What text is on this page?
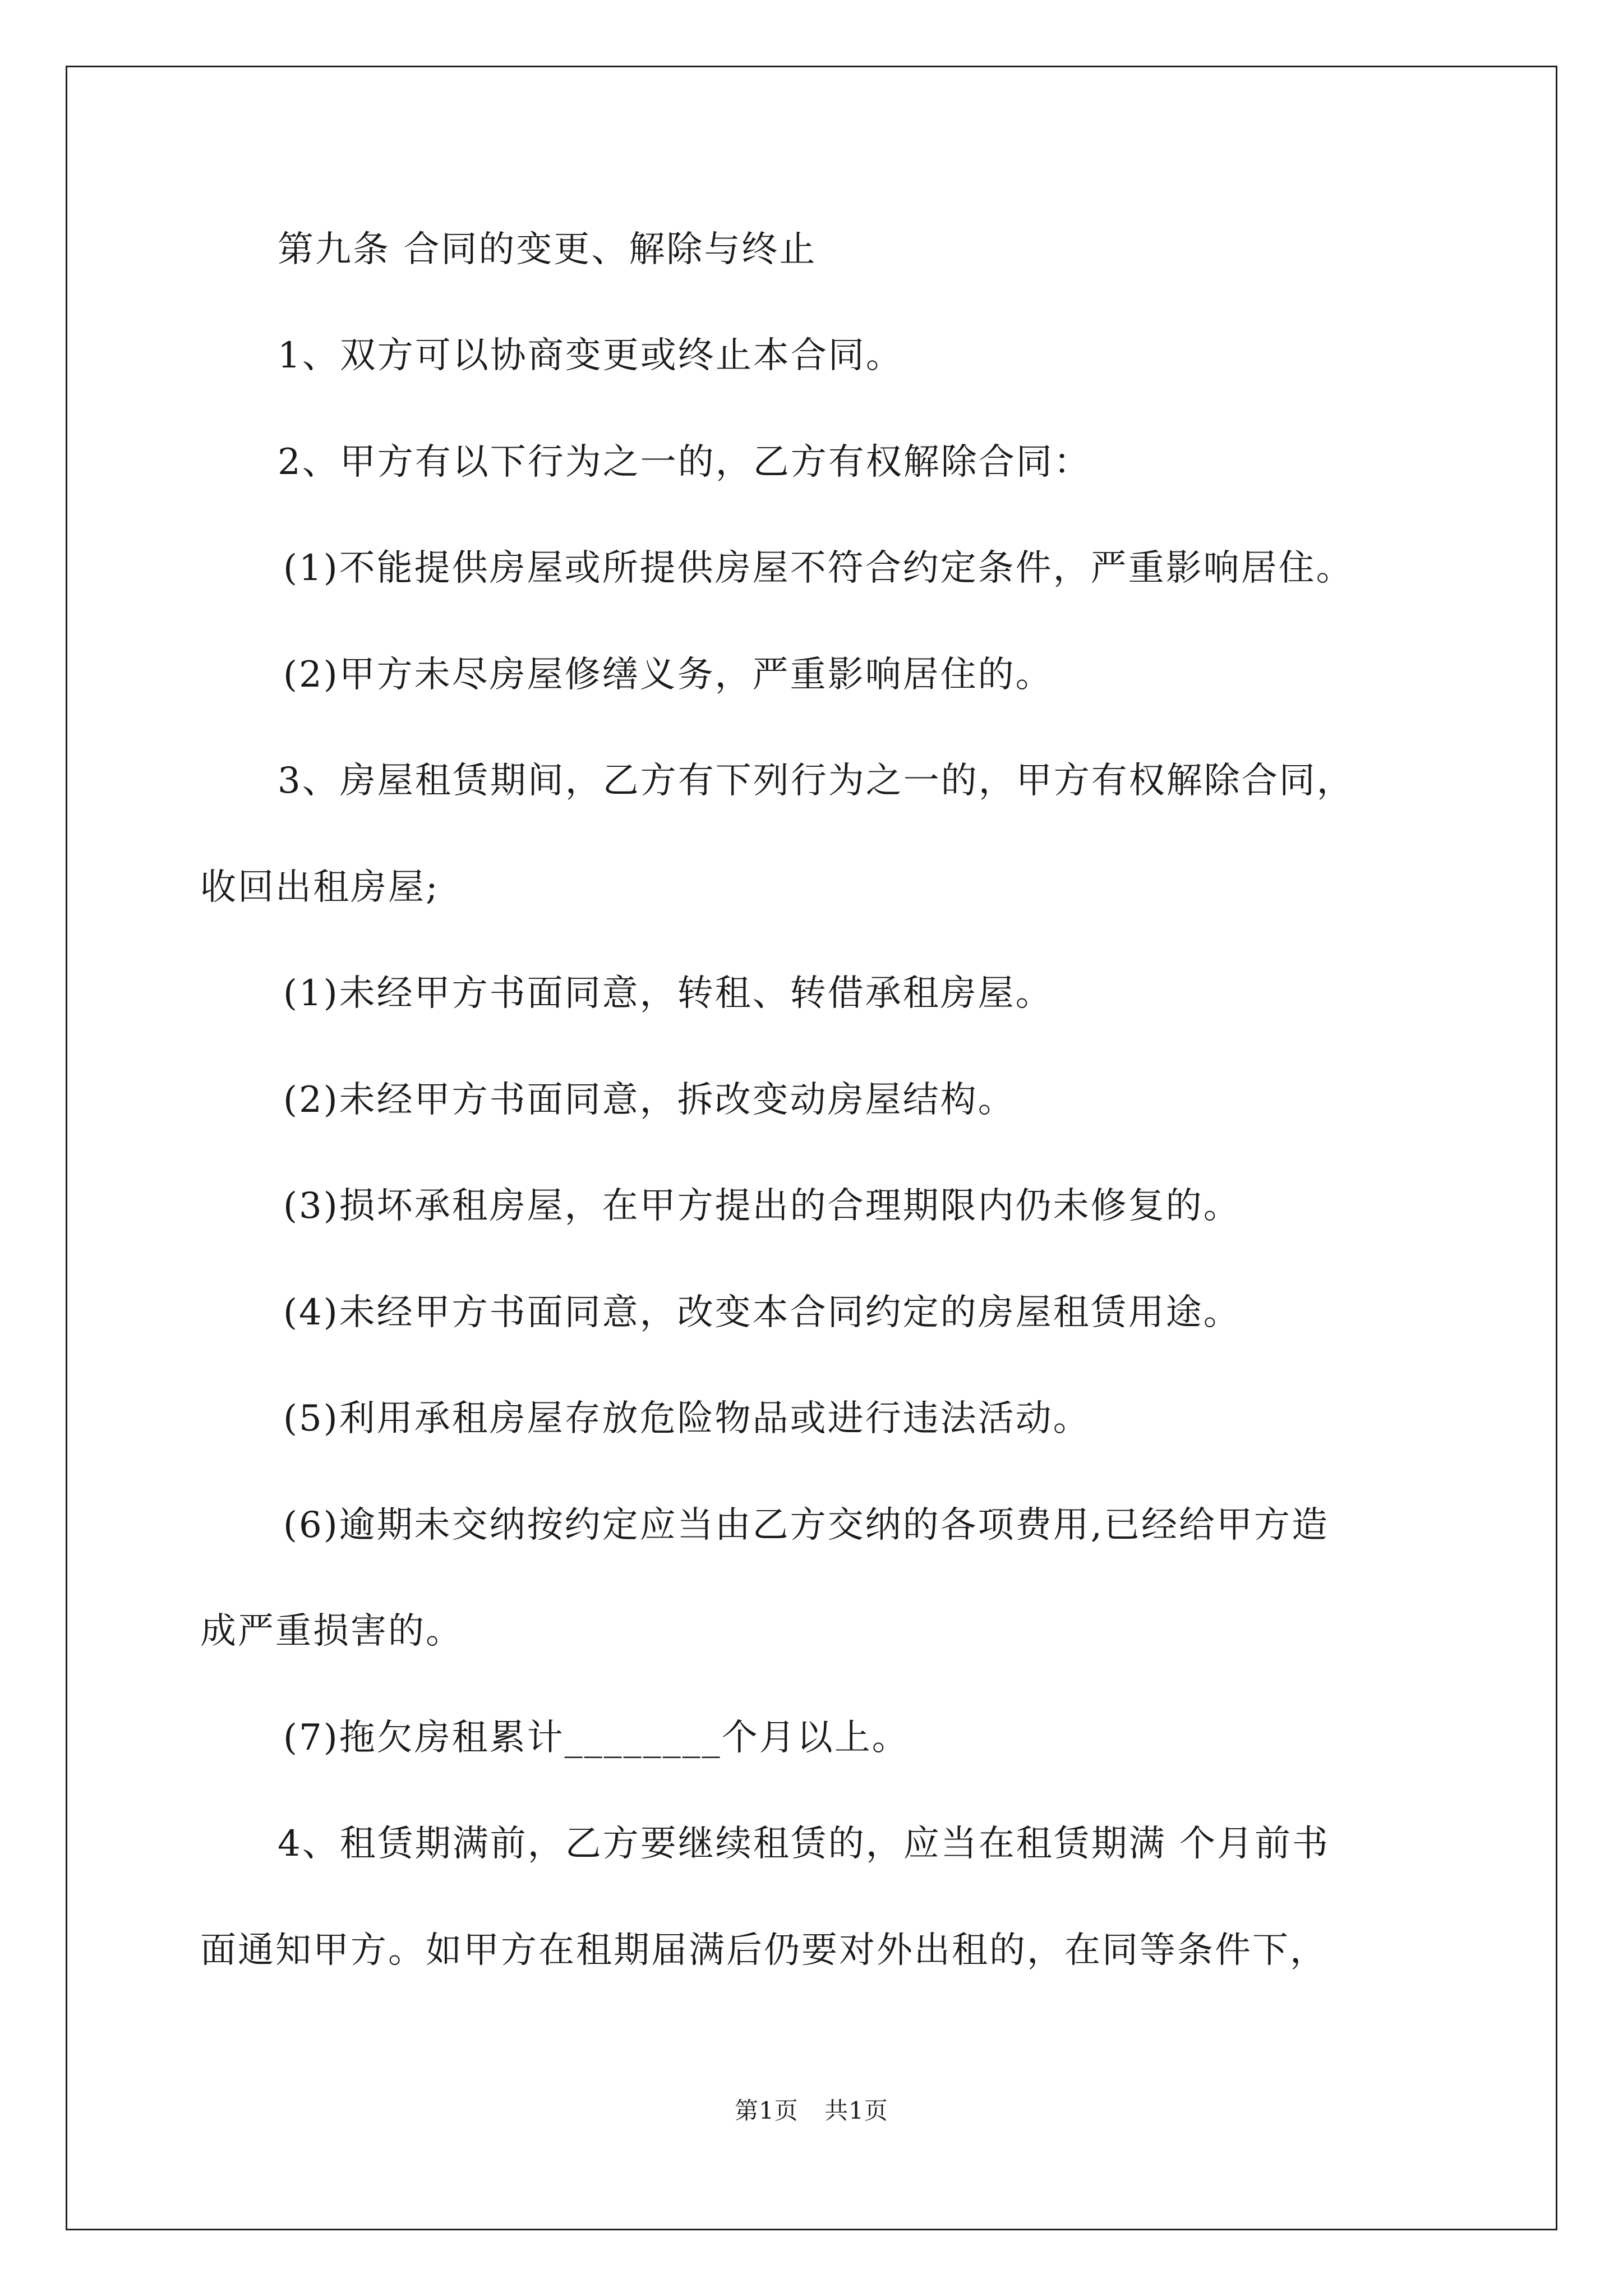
第九条 合同的变更、解除与终止
1、双方可以协商变更或终止本合同。
2、甲方有以下行为之一的，乙方有权解除合同：
(1)不能提供房屋或所提供房屋不符合约定条件，严重影响居住。
(2)甲方未尽房屋修缮义务，严重影响居住的。
3、房屋租赁期间，乙方有下列行为之一的，甲方有权解除合同，
收回出租房屋;
(1)未经甲方书面同意，转租、转借承租房屋。
(2)未经甲方书面同意，拆改变动房屋结构。
(3)损坏承租房屋，在甲方提出的合理期限内仍未修复的。
(4)未经甲方书面同意，改变本合同约定的房屋租赁用途。
(5)利用承租房屋存放危险物品或进行违法活动。
(6)逾期未交纳按约定应当由乙方交纳的各项费用,已经给甲方造
成严重损害的。
(7)拖欠房租累计________个月以上。
4、租赁期满前，乙方要继续租赁的，应当在租赁期满 个月前书
面通知甲方。如甲方在租期届满后仍要对外出租的，在同等条件下，
第1页 共1页
